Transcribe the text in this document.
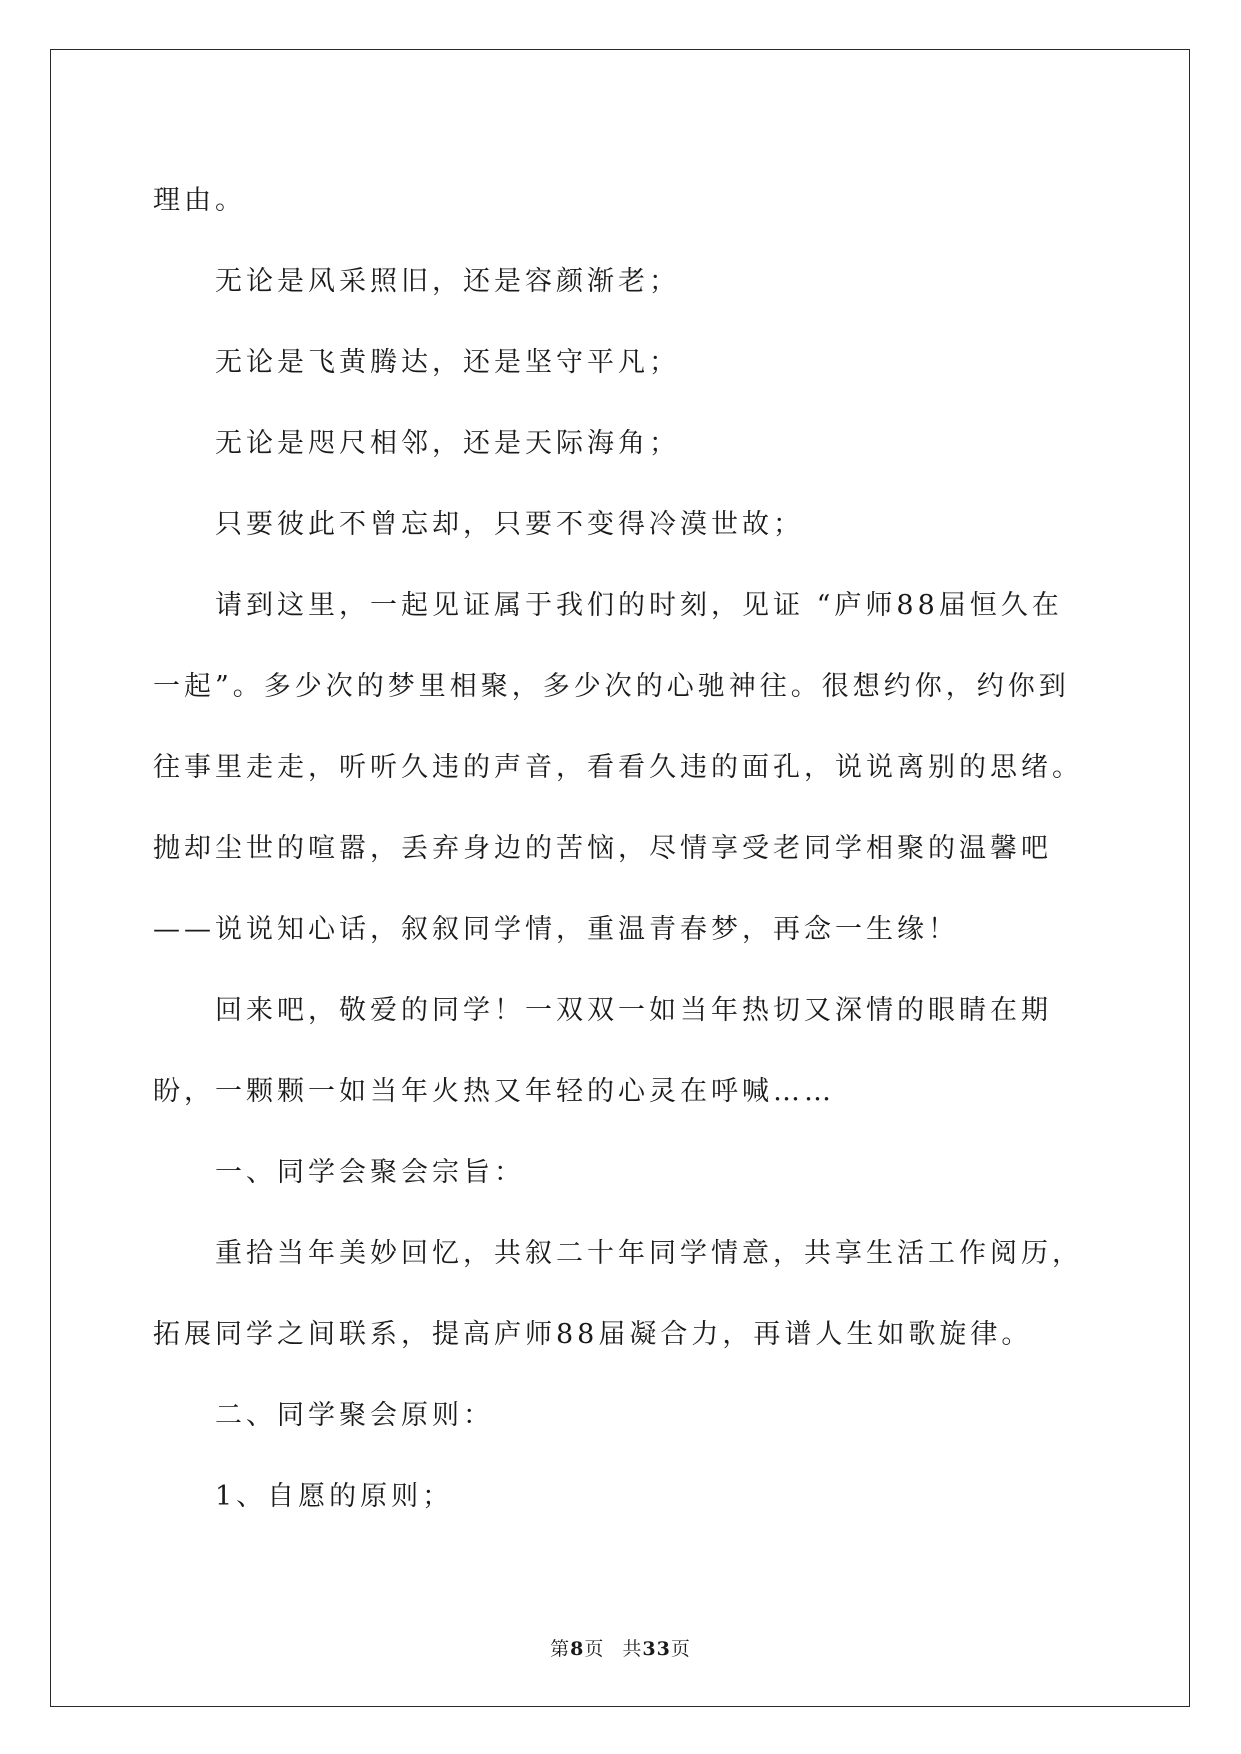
理由。

无论是风采照旧，还是容颜渐老；

无论是飞黄腾达，还是坚守平凡；

无论是咫尺相邻，还是天际海角；

只要彼此不曾忘却，只要不变得冷漠世故；

请到这里，一起见证属于我们的时刻，见证 “庐师88届恒久在一起”。多少次的梦里相聚，多少次的心驰神往。很想约你，约你到往事里走走，听听久违的声音，看看久违的面孔，说说离别的思绪。抛却尘世的喧嚣，丢弃身边的苦恼，尽情享受老同学相聚的温馨吧——说说知心话，叙叙同学情，重温青春梦，再念一生缘！

回来吧，敬爱的同学！一双双一如当年热切又深情的眼睛在期盼，一颗颗一如当年火热又年轻的心灵在呼喊……

一、同学会聚会宗旨：

重拾当年美妙回忆，共叙二十年同学情意，共享生活工作阅历，拓展同学之间联系，提高庐师88届凝合力，再谱人生如歌旋律。

二、同学聚会原则：

1、自愿的原则；

第8页 共33页
